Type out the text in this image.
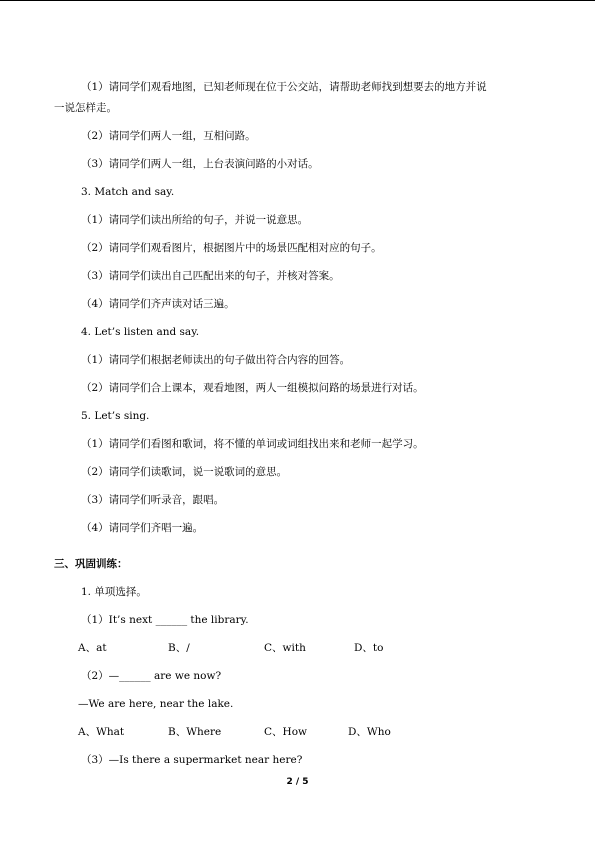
（1）请同学们观看地图，已知老师现在位于公交站，请帮助老师找到想要去的地方并说

一说怎样走。

（2）请同学们两人一组，互相问路。

（3）请同学们两人一组，上台表演问路的小对话。

3. Match and say.

（1）请同学们读出所给的句子，并说一说意思。

（2）请同学们观看图片，根据图片中的场景匹配相对应的句子。

（3）请同学们读出自己匹配出来的句子，并核对答案。

（4）请同学们齐声读对话三遍。

4. Let’s listen and say.

（1）请同学们根据老师读出的句子做出符合内容的回答。

（2）请同学们合上课本，观看地图，两人一组模拟问路的场景进行对话。

5. Let’s sing.

（1）请同学们看图和歌词，将不懂的单词或词组找出来和老师一起学习。

（2）请同学们读歌词，说一说歌词的意思。

（3）请同学们听录音，跟唱。

（4）请同学们齐唱一遍。

三、巩固训练：

1. 单项选择。

（1）It’s next ______ the library.

A、at	B、/	C、with	D、to

（2）—______ are we now?

—We are here, near the lake.

A、What	B、Where	C、How	D、Who

（3）—Is there a supermarket near here?

2 / 5
